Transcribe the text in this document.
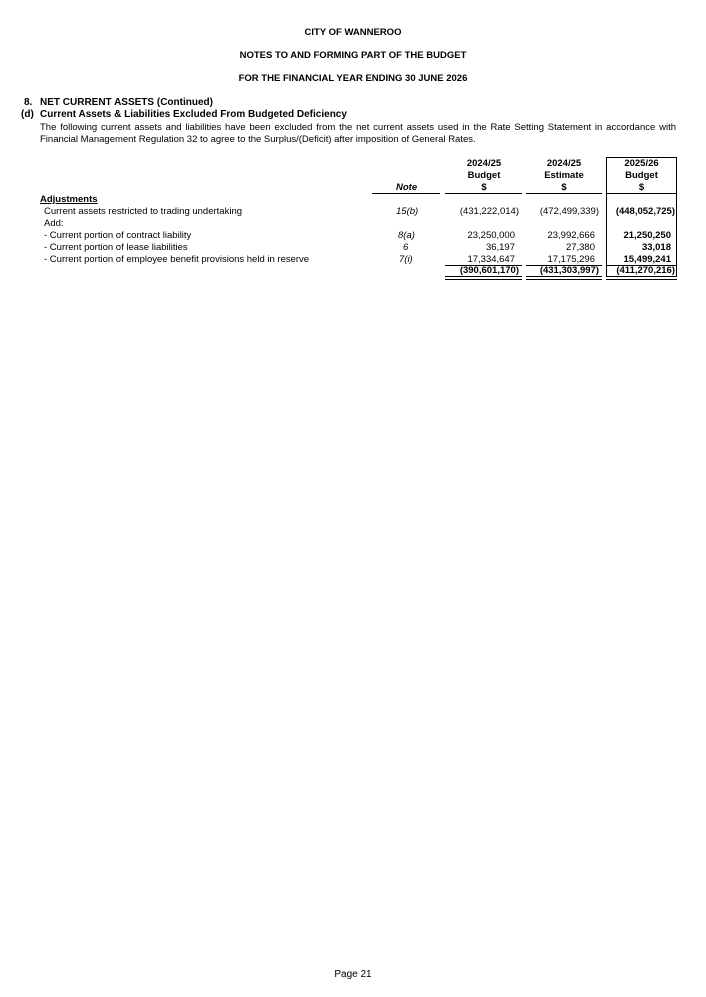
CITY OF WANNEROO
NOTES TO AND FORMING PART OF THE BUDGET
FOR THE FINANCIAL YEAR ENDING 30 JUNE 2026
8. NET CURRENT ASSETS (Continued)
(d) Current Assets & Liabilities Excluded From Budgeted Deficiency
The following current assets and liabilities have been excluded from the net current assets used in the Rate Setting Statement in accordance with Financial Management Regulation 32 to agree to the Surplus/(Deficit) after imposition of General Rates.
2024/25
Budget
$
2024/25
Estimate
$
2025/26
Budget
$
Note
Adjustments
Current assets restricted to trading undertaking	15(b)	(431,222,014)	(472,499,339)	(448,052,725)
Add:
- Current portion of contract liability	8(a)	23,250,000	23,992,666	21,250,250
- Current portion of lease liabilities	6	36,197	27,380	33,018
- Current portion of employee benefit provisions held in reserve	7(i)	17,334,647	17,175,296	15,499,241
(390,601,170)	(431,303,997)	(411,270,216)
Page 21
